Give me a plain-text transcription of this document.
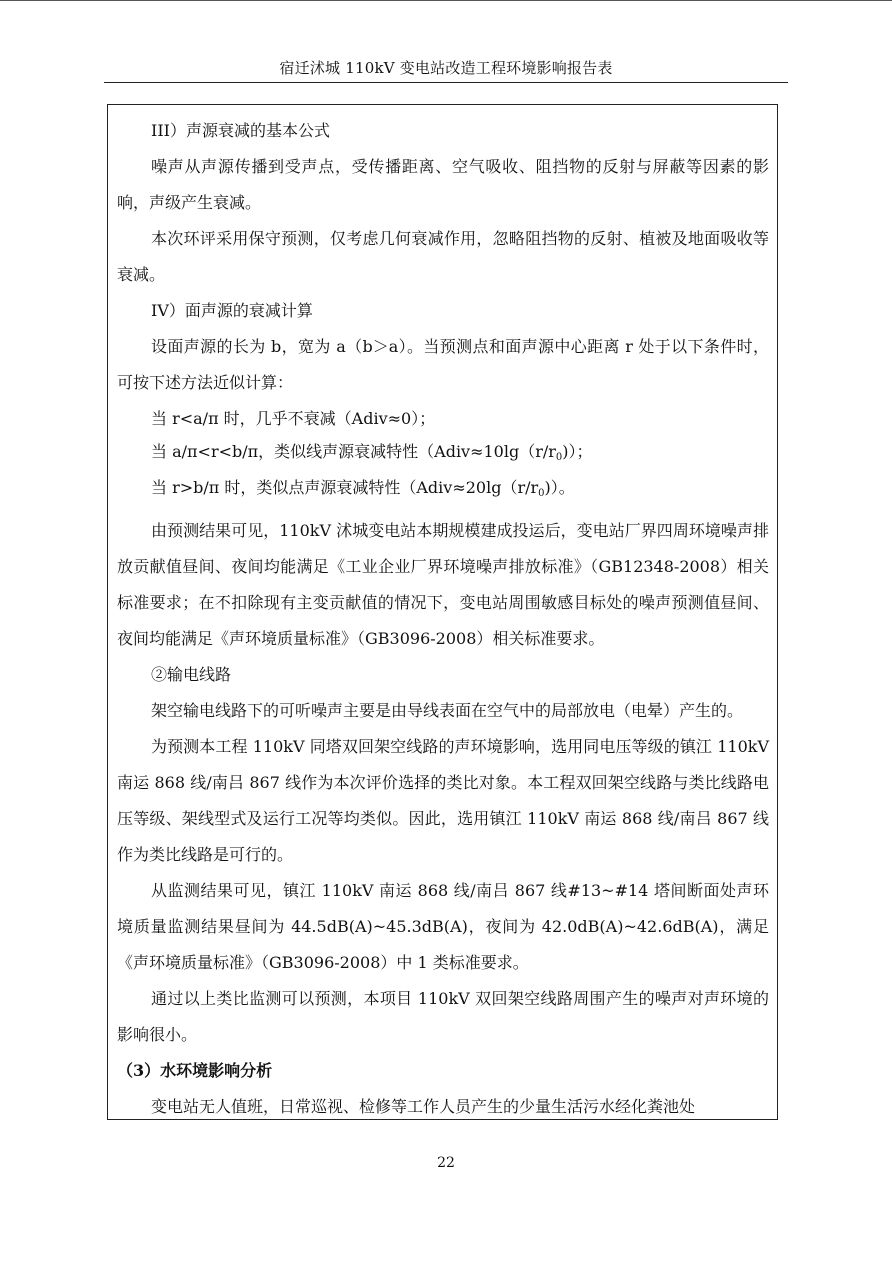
宿迁沭城 110kV 变电站改造工程环境影响报告表

III）声源衰减的基本公式

噪声从声源传播到受声点，受传播距离、空气吸收、阻挡物的反射与屏蔽等因素的影响，声级产生衰减。

本次环评采用保守预测，仅考虑几何衰减作用，忽略阻挡物的反射、植被及地面吸收等衰减。

IV）面声源的衰减计算

设面声源的长为 b，宽为 a（b＞a）。当预测点和面声源中心距离 r 处于以下条件时，可按下述方法近似计算：

当 r<a/π 时，几乎不衰减（Adiv≈0）；

当 a/π<r<b/π，类似线声源衰减特性$(Adiv\approx 10\lg(r/r_0))$；

当 r>b/π 时，类似点声源衰减特性$(Adiv\approx 20\lg(r/r_0))$。

由预测结果可见，110kV 沭城变电站本期规模建成投运后，变电站厂界四周环境噪声排放贡献值昼间、夜间均能满足《工业企业厂界环境噪声排放标准》（GB12348-2008）相关标准要求；在不扣除现有主变贡献值的情况下，变电站周围敏感目标处的噪声预测值昼间、夜间均能满足《声环境质量标准》（GB3096-2008）相关标准要求。

②输电线路

架空输电线路下的可听噪声主要是由导线表面在空气中的局部放电（电晕）产生的。

为预测本工程 110kV 同塔双回架空线路的声环境影响，选用同电压等级的镇江 110kV 南运 868 线/南吕 867 线作为本次评价选择的类比对象。本工程双回架空线路与类比线路电压等级、架线型式及运行工况等均类似。因此，选用镇江 110kV 南运 868 线/南吕 867 线作为类比线路是可行的。

从监测结果可见，镇江 110kV 南运 868 线/南吕 867 线#13~#14 塔间断面处声环境质量监测结果昼间为 44.5dB(A)~45.3dB(A)，夜间为 42.0dB(A)~42.6dB(A)，满足《声环境质量标准》（GB3096-2008）中 1 类标准要求。

通过以上类比监测可以预测，本项目 110kV 双回架空线路周围产生的噪声对声环境的影响很小。

（3）水环境影响分析

变电站无人值班，日常巡视、检修等工作人员产生的少量生活污水经化粪池处

22
